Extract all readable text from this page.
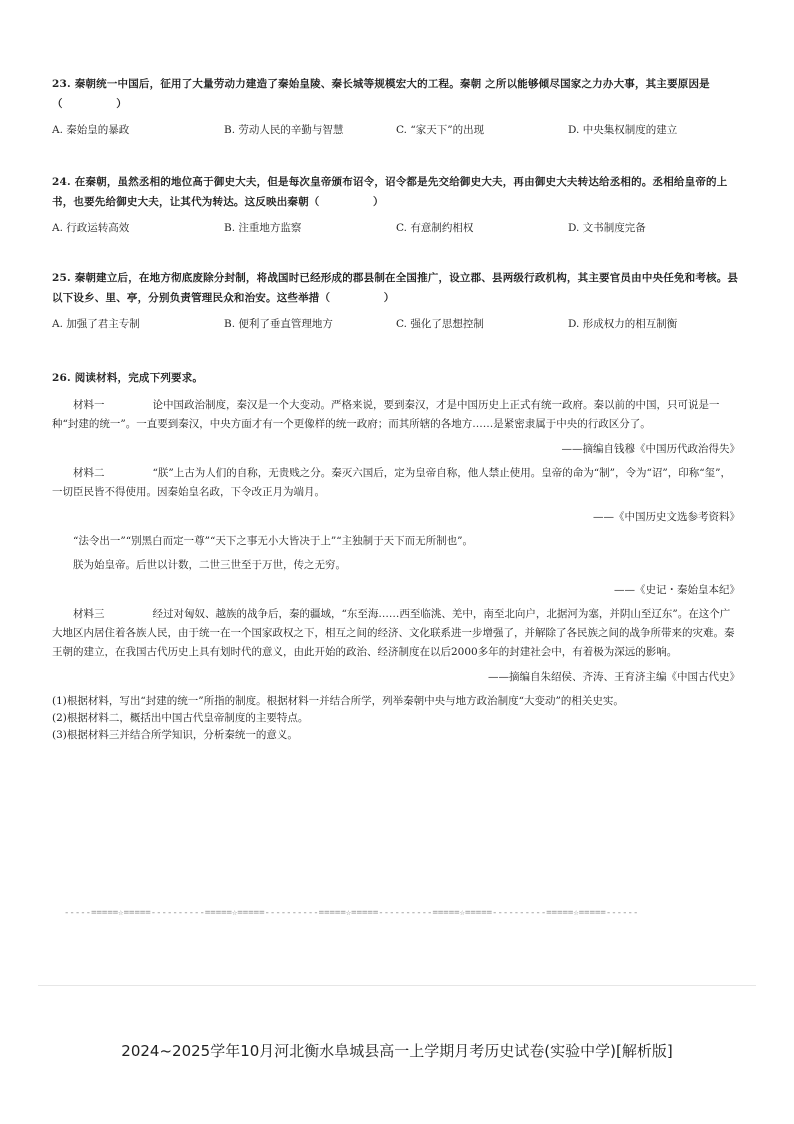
23. 秦朝统一中国后，征用了大量劳动力建造了秦始皇陵、秦长城等规模宏大的工程。秦朝 之所以能够倾尽国家之力办大事，其主要原因是 （　　　　　）

A. 秦始皇的暴政	B. 劳动人民的辛勤与智慧	C. “家天下”的出现	D. 中央集权制度的建立

24. 在秦朝，虽然丞相的地位高于御史大夫，但是每次皇帝颁布诏令，诏令都是先交给御史大夫，再由御史大夫转达给丞相的。丞相给皇帝的上书，也要先给御史大夫，让其代为转达。这反映出秦朝（　　　　　）

A. 行政运转高效	B. 注重地方监察	C. 有意制约相权	D. 文书制度完备

25. 秦朝建立后，在地方彻底废除分封制，将战国时已经形成的郡县制在全国推广，设立郡、县两级行政机构，其主要官员由中央任免和考核。县以下设乡、里、亭，分别负责管理民众和治安。这些举措（　　　　　）

A. 加强了君主专制	B. 便利了垂直管理地方	C. 强化了思想控制	D. 形成权力的相互制衡

26. 阅读材料，完成下列要求。

材料一	论中国政治制度，秦汉是一个大变动。严格来说，要到秦汉，才是中国历史上正式有统一政府。秦以前的中国，只可说是一种“封建的统一”。一直要到秦汉，中央方面才有一个更像样的统一政府；而其所辖的各地方……是紧密隶属于中央的行政区分了。

——摘编自钱穆《中国历代政治得失》

材料二	“朕”上古为人们的自称，无贵贱之分。秦灭六国后，定为皇帝自称，他人禁止使用。皇帝的命为“制”，令为“诏”，印称“玺”，一切臣民皆不得使用。因秦始皇名政，下令改正月为端月。

——《中国历史文选参考资料》

“法令出一”“别黑白而定一尊”“天下之事无小大皆决于上”“主独制于天下而无所制也”。

朕为始皇帝。后世以计数，二世三世至于万世，传之无穷。

——《史记・秦始皇本纪》

材料三	经过对匈奴、越族的战争后，秦的疆域，“东至海……西至临洮、羌中，南至北向户，北据河为塞，并阴山至辽东”。在这个广大地区内居住着各族人民，由于统一在一个国家政权之下，相互之间的经济、文化联系进一步增强了，并解除了各民族之间的战争所带来的灾难。秦王朝的建立，在我国古代历史上具有划时代的意义，由此开始的政治、经济制度在以后2000多年的封建社会中，有着极为深远的影响。

——摘编自朱绍侯、齐涛、王育济主编《中国古代史》

(1)根据材料，写出“封建的统一”所指的制度。根据材料一并结合所学，列举秦朝中央与地方政治制度“大变动”的相关史实。

(2)根据材料二，概括出中国古代皇帝制度的主要特点。

(3)根据材料三并结合所学知识，分析秦统一的意义。

-----=====☆=====----------=====☆=====----------=====☆=====----------=====☆=====----------=====☆=====------
2024~2025学年10月河北衡水阜城县高一上学期月考历史试卷(实验中学)[解析版]
